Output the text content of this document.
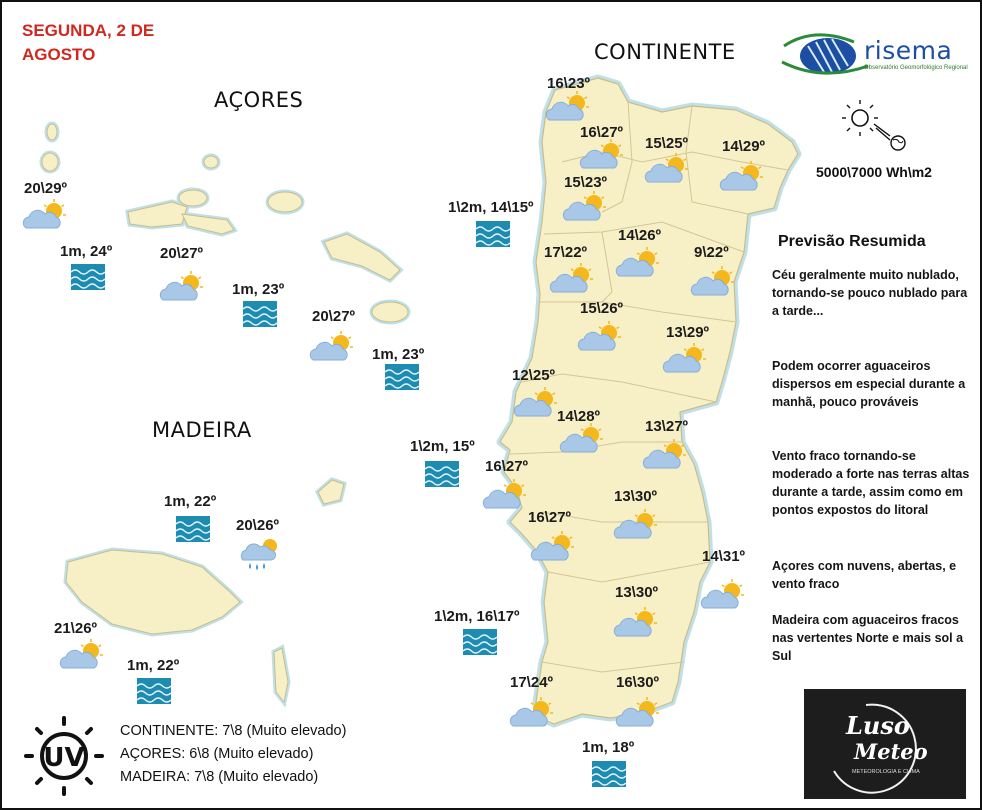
UV
SEGUNDA, 2 DE
AGOSTO	CONTINENTE
AÇORES
MADEIRA
risema
Observatório Geomorfológico Regional
5000\7000 Wh\m2
16\23º
16\27º
15\25º 14\29º
15\23º
14\26º
17\22º	9\22º
15\26º
13\29º
12\25º
14\28º
13\27º
16\27º
13\30º
16\27º
14\31º
13\30º
17\24º	16\30º
20\29º
20\27º
20\27º
20\26º
21\26º
1\2m, 14\15º
1m, 24º
1m, 23º
1m, 23º
1\2m, 15º
1m, 22º
1m, 22º
1\2m, 16\17º
1m, 18º
Previsão Resumida
Céu geralmente muito nublado, tornando-se pouco nublado para a tarde...
Podem ocorrer aguaceiros dispersos em especial durante a manhã, pouco prováveis
Vento fraco tornando-se moderado a forte nas terras altas durante a tarde, assim como em pontos expostos do litoral
Açores com nuvens, abertas, e vento fraco
Madeira com aguaceiros fracos nas vertentes Norte e mais sol a Sul
CONTINENTE: 7\8 (Muito elevado)
AÇORES: 6\8 (Muito elevado)
MADEIRA: 7\8 (Muito elevado)
Luso
Meteo
METEOROLOGIA E CLIMA
